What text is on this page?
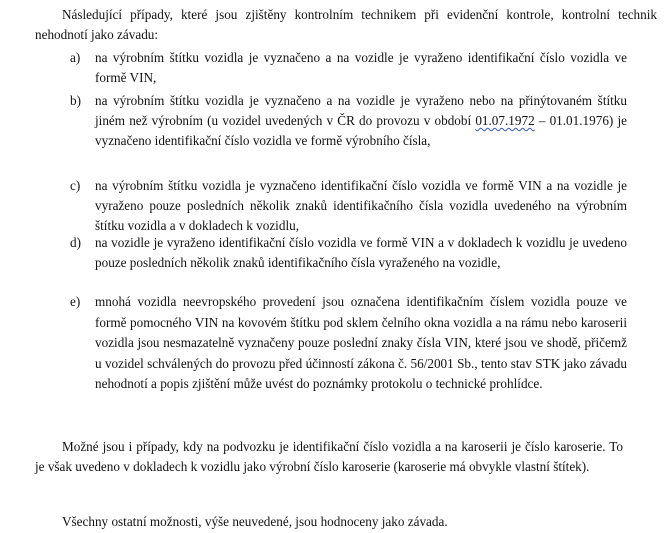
Následující případy, které jsou zjištěny kontrolním technikem při evidenční kontrole, kontrolní technik nehodnotí jako závadu:

a)	na výrobním štítku vozidla je vyznačeno a na vozidle je vyraženo identifikační číslo vozidla ve formě VIN,

b)	na výrobním štítku vozidla je vyznačeno a na vozidle je vyraženo nebo na přinýtovaném štítku jiném než výrobním (u vozidel uvedených v ČR do provozu v období 01.07.1972 – 01.01.1976) je vyznačeno identifikační číslo vozidla ve formě výrobního čísla,

c)	na výrobním štítku vozidla je vyznačeno identifikační číslo vozidla ve formě VIN a na vozidle je vyraženo pouze posledních několik znaků identifikačního čísla vozidla uvedeného na výrobním štítku vozidla a v dokladech k vozidlu,

d)	na vozidle je vyraženo identifikační číslo vozidla ve formě VIN a v dokladech k vozidlu je uvedeno pouze posledních několik znaků identifikačního čísla vyraženého na vozidle,

e)	mnohá vozidla neevropského provedení jsou označena identifikačním číslem vozidla pouze ve formě pomocného VIN na kovovém štítku pod sklem čelního okna vozidla a na rámu nebo karoserii vozidla jsou nesmazatelně vyznačeny pouze poslední znaky čísla VIN, které jsou ve shodě, přičemž u vozidel schválených do provozu před účinností zákona č. 56/2001 Sb., tento stav STK jako závadu nehodnotí a popis zjištění může uvést do poznámky protokolu o technické prohlídce.

Možné jsou i případy, kdy na podvozku je identifikační číslo vozidla a na karoserii je číslo karoserie. To je však uvedeno v dokladech k vozidlu jako výrobní číslo karoserie (karoserie má obvykle vlastní štítek).

Všechny ostatní možnosti, výše neuvedené, jsou hodnoceny jako závada.
